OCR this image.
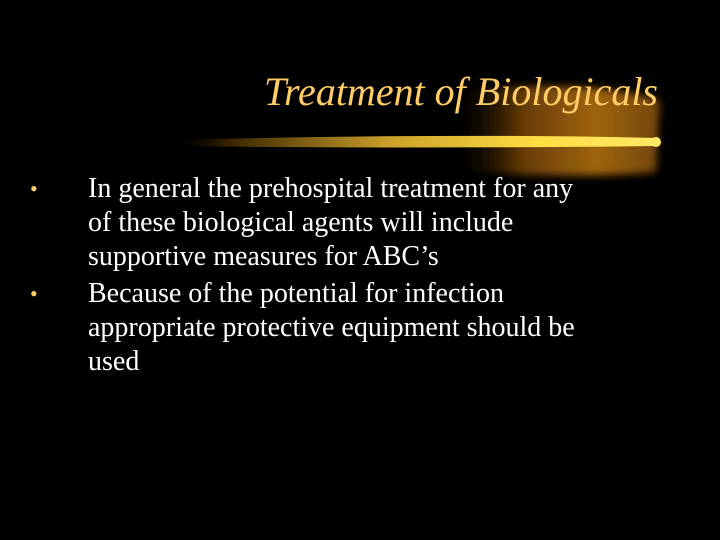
Treatment of Biologicals
•	In general the prehospital treatment for any
of these biological agents will include
supportive measures for ABC’s
•	Because of the potential for infection
appropriate protective equipment should be
used
